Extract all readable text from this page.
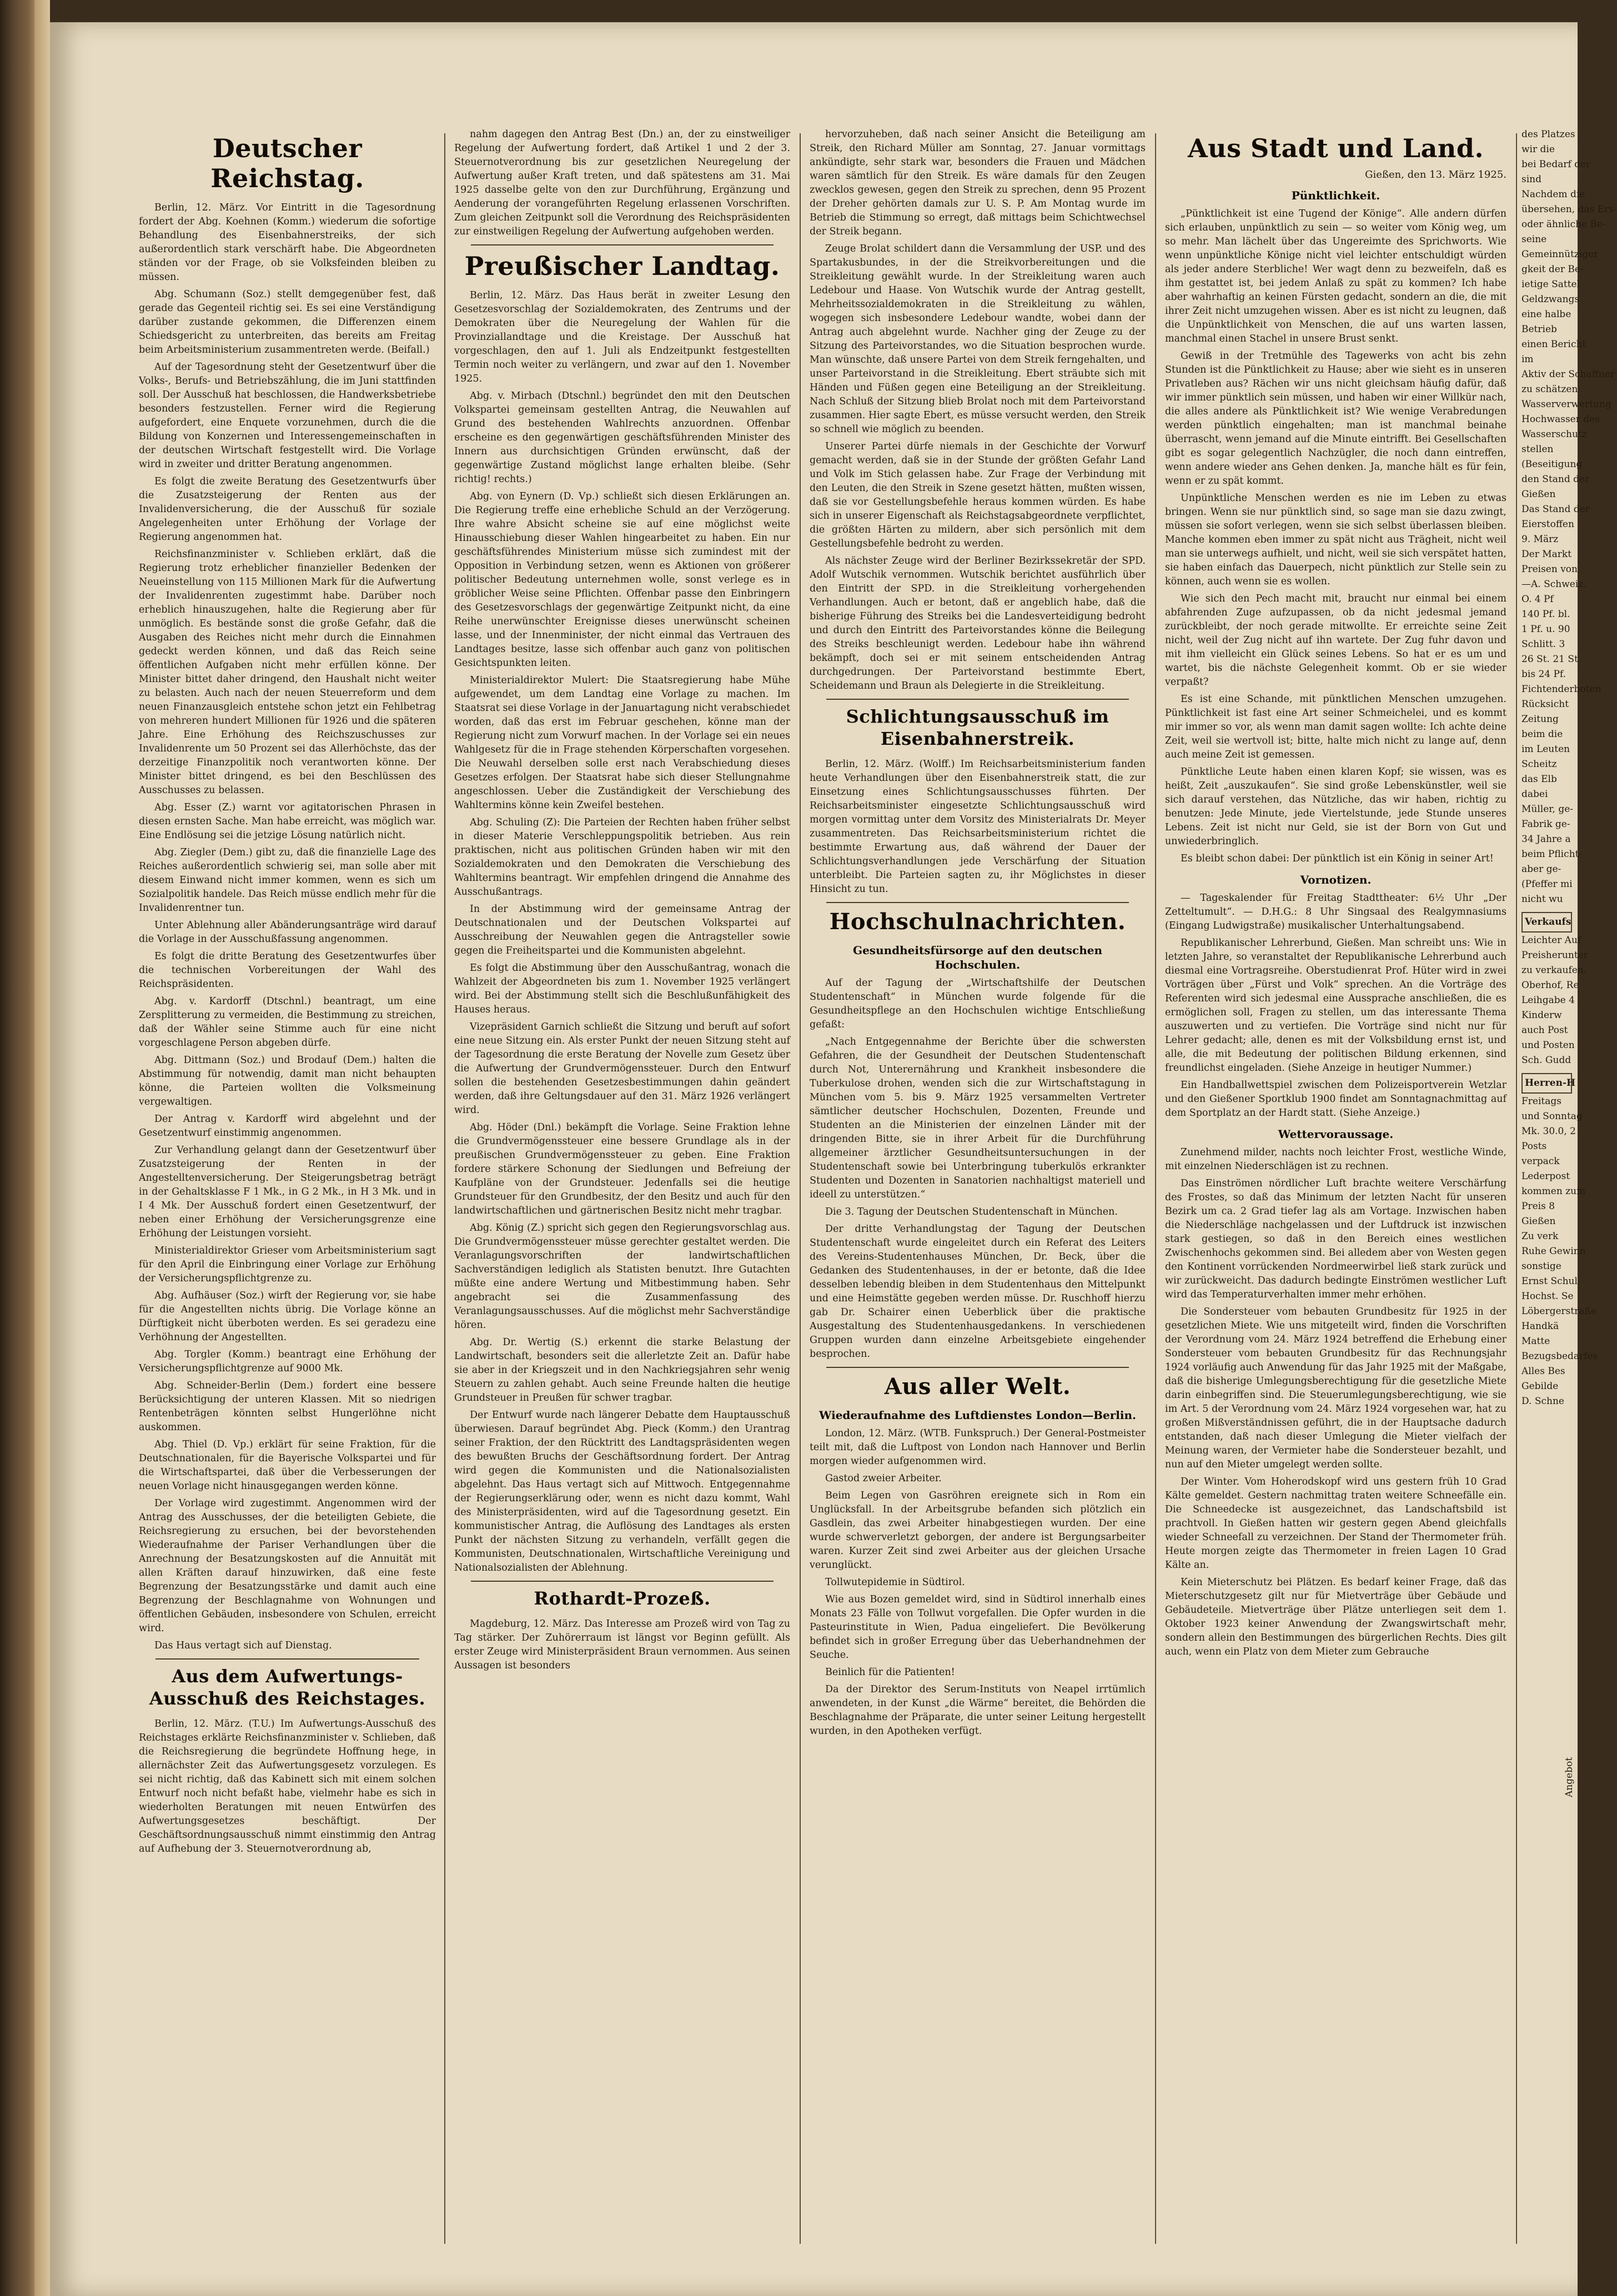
Deutscher Reichstag.

Berlin, 12. März. Vor Eintritt in die Tagesordnung fordert der Abg. Koehnen (Komm.) wiederum die sofortige Behandlung des Eisenbahnerstreiks, der sich außerordentlich stark verschärft habe. Die Abgeordneten ständen vor der Frage, ob sie Volksfeinden bleiben zu müssen.

Abg. Schumann (Soz.) stellt demgegenüber fest, daß gerade das Gegenteil richtig sei. Es sei eine Verständigung darüber zustande gekommen, die Differenzen einem Schiedsgericht zu unterbreiten, das bereits am Freitag beim Arbeitsministerium zusammentreten werde. (Beifall.)

Auf der Tagesordnung steht der Gesetzentwurf über die Volks-, Berufs- und Betriebszählung, die im Juni stattfinden soll. Der Ausschuß hat beschlossen, die Handwerksbetriebe besonders festzustellen. Ferner wird die Regierung aufgefordert, eine Enquete vorzunehmen, durch die die Bildung von Konzernen und Interessengemeinschaften in der deutschen Wirtschaft festgestellt wird. Die Vorlage wird in zweiter und dritter Beratung angenommen.

Es folgt die zweite Beratung des Gesetzentwurfs über die Zusatzsteigerung der Renten aus der Invalidenversicherung, die der Ausschuß für soziale Angelegenheiten unter Erhöhung der Vorlage der Regierung angenommen hat.

Reichsfinanzminister v. Schlieben erklärt, daß die Regierung trotz erheblicher finanzieller Bedenken der Neueinstellung von 115 Millionen Mark für die Aufwertung der Invalidenrenten zugestimmt habe. Darüber noch erheblich hinauszugehen, halte die Regierung aber für unmöglich. Es bestände sonst die große Gefahr, daß die Ausgaben des Reiches nicht mehr durch die Einnahmen gedeckt werden können, und daß das Reich seine öffentlichen Aufgaben nicht mehr erfüllen könne. Der Minister bittet daher dringend, den Haushalt nicht weiter zu belasten. Auch nach der neuen Steuerreform und dem neuen Finanzausgleich entstehe schon jetzt ein Fehlbetrag von mehreren hundert Millionen für 1926 und die späteren Jahre. Eine Erhöhung des Reichszuschusses zur Invalidenrente um 50 Prozent sei das Allerhöchste, das der derzeitige Finanzpolitik noch verantworten könne. Der Minister bittet dringend, es bei den Beschlüssen des Ausschusses zu belassen.

Abg. Esser (Z.) warnt vor agitatorischen Phrasen in diesen ernsten Sache. Man habe erreicht, was möglich war. Eine Endlösung sei die jetzige Lösung natürlich nicht.

Abg. Ziegler (Dem.) gibt zu, daß die finanzielle Lage des Reiches außerordentlich schwierig sei, man solle aber mit diesem Einwand nicht immer kommen, wenn es sich um Sozialpolitik handele. Das Reich müsse endlich mehr für die Invalidenrentner tun.

Unter Ablehnung aller Abänderungsanträge wird darauf die Vorlage in der Ausschußfassung angenommen.

Es folgt die dritte Beratung des Gesetzentwurfes über die technischen Vorbereitungen der Wahl des Reichspräsidenten.

Abg. v. Kardorff (Dtschnl.) beantragt, um eine Zersplitterung zu vermeiden, die Bestimmung zu streichen, daß der Wähler seine Stimme auch für eine nicht vorgeschlagene Person abgeben dürfe.

Abg. Dittmann (Soz.) und Brodauf (Dem.) halten die Abstimmung für notwendig, damit man nicht behaupten könne, die Parteien wollten die Volksmeinung vergewaltigen.

Der Antrag v. Kardorff wird abgelehnt und der Gesetzentwurf einstimmig angenommen.

Zur Verhandlung gelangt dann der Gesetzentwurf über Zusatzsteigerung der Renten in der Angestelltenversicherung. Der Steigerungsbetrag beträgt in der Gehaltsklasse F 1 Mk., in G 2 Mk., in H 3 Mk. und in I 4 Mk. Der Ausschuß fordert einen Gesetzentwurf, der neben einer Erhöhung der Versicherungsgrenze eine Erhöhung der Leistungen vorsieht.

Ministerialdirektor Grieser vom Arbeitsministerium sagt für den April die Einbringung einer Vorlage zur Erhöhung der Versicherungspflichtgrenze zu.

Abg. Aufhäuser (Soz.) wirft der Regierung vor, sie habe für die Angestellten nichts übrig. Die Vorlage könne an Dürftigkeit nicht überboten werden. Es sei geradezu eine Verhöhnung der Angestellten.

Abg. Torgler (Komm.) beantragt eine Erhöhung der Versicherungspflichtgrenze auf 9000 Mk.

Abg. Schneider-Berlin (Dem.) fordert eine bessere Berücksichtigung der unteren Klassen. Mit so niedrigen Rentenbeträgen könnten selbst Hungerlöhne nicht auskommen.

Abg. Thiel (D. Vp.) erklärt für seine Fraktion, für die Deutschnationalen, für die Bayerische Volkspartei und für die Wirtschaftspartei, daß über die Verbesserungen der neuen Vorlage nicht hinausgegangen werden könne.

Der Vorlage wird zugestimmt. Angenommen wird der Antrag des Ausschusses, der die beteiligten Gebiete, die Reichsregierung zu ersuchen, bei der bevorstehenden Wiederaufnahme der Pariser Verhandlungen über die Anrechnung der Besatzungskosten auf die Annuität mit allen Kräften darauf hinzuwirken, daß eine feste Begrenzung der Besatzungsstärke und damit auch eine Begrenzung der Beschlagnahme von Wohnungen und öffentlichen Gebäuden, insbesondere von Schulen, erreicht wird.

Das Haus vertagt sich auf Dienstag.

Aus dem Aufwertungs-Ausschuß des Reichstages.

Berlin, 12. März. (T.U.) Im Aufwertungs-Ausschuß des Reichstages erklärte Reichsfinanzminister v. Schlieben, daß die Reichsregierung die begründete Hoffnung hege, in allernächster Zeit das Aufwertungsgesetz vorzulegen. Es sei nicht richtig, daß das Kabinett sich mit einem solchen Entwurf noch nicht befaßt habe, vielmehr habe es sich in wiederholten Beratungen mit neuen Entwürfen des Aufwertungsgesetzes beschäftigt. Der Geschäftsordnungsausschuß nimmt einstimmig den Antrag auf Aufhebung der 3. Steuernotverordnung ab,

nahm dagegen den Antrag Best (Dn.) an, der zu einstweiliger Regelung der Aufwertung fordert, daß Artikel 1 und 2 der 3. Steuernotverordnung bis zur gesetzlichen Neuregelung der Aufwertung außer Kraft treten, und daß spätestens am 31. Mai 1925 dasselbe gelte von den zur Durchführung, Ergänzung und Aenderung der vorangeführten Regelung erlassenen Vorschriften. Zum gleichen Zeitpunkt soll die Verordnung des Reichspräsidenten zur einstweiligen Regelung der Aufwertung aufgehoben werden.

Preußischer Landtag.

Berlin, 12. März. Das Haus berät in zweiter Lesung den Gesetzesvorschlag der Sozialdemokraten, des Zentrums und der Demokraten über die Neuregelung der Wahlen für die Provinziallandtage und die Kreistage. Der Ausschuß hat vorgeschlagen, den auf 1. Juli als Endzeitpunkt festgestellten Termin noch weiter zu verlängern, und zwar auf den 1. November 1925.

Abg. v. Mirbach (Dtschnl.) begründet den mit den Deutschen Volkspartei gemeinsam gestellten Antrag, die Neuwahlen auf Grund des bestehenden Wahlrechts anzuordnen. Offenbar erscheine es den gegenwärtigen geschäftsführenden Minister des Innern aus durchsichtigen Gründen erwünscht, daß der gegenwärtige Zustand möglichst lange erhalten bleibe. (Sehr richtig! rechts.)

Abg. von Eynern (D. Vp.) schließt sich diesen Erklärungen an. Die Regierung treffe eine erhebliche Schuld an der Verzögerung. Ihre wahre Absicht scheine sie auf eine möglichst weite Hinausschiebung dieser Wahlen hingearbeitet zu haben. Ein nur geschäftsführendes Ministerium müsse sich zumindest mit der Opposition in Verbindung setzen, wenn es Aktionen von größerer politischer Bedeutung unternehmen wolle, sonst verlege es in gröblicher Weise seine Pflichten. Offenbar passe den Einbringern des Gesetzesvorschlags der gegenwärtige Zeitpunkt nicht, da eine Reihe unerwünschter Ereignisse dieses unerwünscht scheinen lasse, und der Innenminister, der nicht einmal das Vertrauen des Landtages besitze, lasse sich offenbar auch ganz von politischen Gesichtspunkten leiten.

Ministerialdirektor Mulert: Die Staatsregierung habe Mühe aufgewendet, um dem Landtag eine Vorlage zu machen. Im Staatsrat sei diese Vorlage in der Januartagung nicht verabschiedet worden, daß das erst im Februar geschehen, könne man der Regierung nicht zum Vorwurf machen. In der Vorlage sei ein neues Wahlgesetz für die in Frage stehenden Körperschaften vorgesehen. Die Neuwahl derselben solle erst nach Verabschiedung dieses Gesetzes erfolgen. Der Staatsrat habe sich dieser Stellungnahme angeschlossen. Ueber die Zuständigkeit der Verschiebung des Wahltermins könne kein Zweifel bestehen.

Abg. Schuling (Z): Die Parteien der Rechten haben früher selbst in dieser Materie Verschleppungspolitik betrieben. Aus rein praktischen, nicht aus politischen Gründen haben wir mit den Sozialdemokraten und den Demokraten die Verschiebung des Wahltermins beantragt. Wir empfehlen dringend die Annahme des Ausschußantrags.

In der Abstimmung wird der gemeinsame Antrag der Deutschnationalen und der Deutschen Volkspartei auf Ausschreibung der Neuwahlen gegen die Antragsteller sowie gegen die Freiheitspartei und die Kommunisten abgelehnt.

Es folgt die Abstimmung über den Ausschußantrag, wonach die Wahlzeit der Abgeordneten bis zum 1. November 1925 verlängert wird. Bei der Abstimmung stellt sich die Beschlußunfähigkeit des Hauses heraus.

Vizepräsident Garnich schließt die Sitzung und beruft auf sofort eine neue Sitzung ein. Als erster Punkt der neuen Sitzung steht auf der Tagesordnung die erste Beratung der Novelle zum Gesetz über die Aufwertung der Grundvermögenssteuer. Durch den Entwurf sollen die bestehenden Gesetzesbestimmungen dahin geändert werden, daß ihre Geltungsdauer auf den 31. März 1926 verlängert wird.

Abg. Höder (Dnl.) bekämpft die Vorlage. Seine Fraktion lehne die Grundvermögenssteuer eine bessere Grundlage als in der preußischen Grundvermögenssteuer zu geben. Eine Fraktion fordere stärkere Schonung der Siedlungen und Befreiung der Kaufpläne von der Grundsteuer. Jedenfalls sei die heutige Grundsteuer für den Grundbesitz, der den Besitz und auch für den landwirtschaftlichen und gärtnerischen Besitz nicht mehr tragbar.

Abg. König (Z.) spricht sich gegen den Regierungsvorschlag aus. Die Grundvermögenssteuer müsse gerechter gestaltet werden. Die Veranlagungsvorschriften der landwirtschaftlichen Sachverständigen lediglich als Statisten benutzt. Ihre Gutachten müßte eine andere Wertung und Mitbestimmung haben. Sehr angebracht sei die Zusammenfassung des Veranlagungsausschusses. Auf die möglichst mehr Sachverständige hören.

Abg. Dr. Wertig (S.) erkennt die starke Belastung der Landwirtschaft, besonders seit die allerletzte Zeit an. Dafür habe sie aber in der Kriegszeit und in den Nachkriegsjahren sehr wenig Steuern zu zahlen gehabt. Auch seine Freunde halten die heutige Grundsteuer in Preußen für schwer tragbar.

Der Entwurf wurde nach längerer Debatte dem Hauptausschuß überwiesen. Darauf begründet Abg. Pieck (Komm.) den Urantrag seiner Fraktion, der den Rücktritt des Landtagspräsidenten wegen des bewußten Bruchs der Geschäftsordnung fordert. Der Antrag wird gegen die Kommunisten und die Nationalsozialisten abgelehnt. Das Haus vertagt sich auf Mittwoch. Entgegennahme der Regierungserklärung oder, wenn es nicht dazu kommt, Wahl des Ministerpräsidenten, wird auf die Tagesordnung gesetzt. Ein kommunistischer Antrag, die Auflösung des Landtages als ersten Punkt der nächsten Sitzung zu verhandeln, verfällt gegen die Kommunisten, Deutschnationalen, Wirtschaftliche Vereinigung und Nationalsozialisten der Ablehnung.

Rothardt-Prozeß.

Magdeburg, 12. März. Das Interesse am Prozeß wird von Tag zu Tag stärker. Der Zuhörerraum ist längst vor Beginn gefüllt. Als erster Zeuge wird Ministerpräsident Braun vernommen. Aus seinen Aussagen ist besonders

hervorzuheben, daß nach seiner Ansicht die Beteiligung am Streik, den Richard Müller am Sonntag, 27. Januar vormittags ankündigte, sehr stark war, besonders die Frauen und Mädchen waren sämtlich für den Streik. Es wäre damals für den Zeugen zwecklos gewesen, gegen den Streik zu sprechen, denn 95 Prozent der Dreher gehörten damals zur U. S. P. Am Montag wurde im Betrieb die Stimmung so erregt, daß mittags beim Schichtwechsel der Streik begann.

Zeuge Brolat schildert dann die Versammlung der USP. und des Spartakusbundes, in der die Streikvorbereitungen und die Streikleitung gewählt wurde. In der Streikleitung waren auch Ledebour und Haase. Von Wutschik wurde der Antrag gestellt, Mehrheitssozialdemokraten in die Streikleitung zu wählen, wogegen sich insbesondere Ledebour wandte, wobei dann der Antrag auch abgelehnt wurde. Nachher ging der Zeuge zu der Sitzung des Parteivorstandes, wo die Situation besprochen wurde. Man wünschte, daß unsere Partei von dem Streik ferngehalten, und unser Parteivorstand in die Streikleitung. Ebert sträubte sich mit Händen und Füßen gegen eine Beteiligung an der Streikleitung. Nach Schluß der Sitzung blieb Brolat noch mit dem Parteivorstand zusammen. Hier sagte Ebert, es müsse versucht werden, den Streik so schnell wie möglich zu beenden.

Unserer Partei dürfe niemals in der Geschichte der Vorwurf gemacht werden, daß sie in der Stunde der größten Gefahr Land und Volk im Stich gelassen habe. Zur Frage der Verbindung mit den Leuten, die den Streik in Szene gesetzt hätten, mußten wissen, daß sie vor Gestellungsbefehle heraus kommen würden. Es habe sich in unserer Eigenschaft als Reichstagsabgeordnete verpflichtet, die größten Härten zu mildern, aber sich persönlich mit dem Gestellungsbefehle bedroht zu werden.

Als nächster Zeuge wird der Berliner Bezirkssekretär der SPD. Adolf Wutschik vernommen. Wutschik berichtet ausführlich über den Eintritt der SPD. in die Streikleitung vorhergehenden Verhandlungen. Auch er betont, daß er angeblich habe, daß die bisherige Führung des Streiks bei die Landesverteidigung bedroht und durch den Eintritt des Parteivorstandes könne die Beilegung des Streiks beschleunigt werden. Ledebour habe ihn während bekämpft, doch sei er mit seinem entscheidenden Antrag durchgedrungen. Der Parteivorstand bestimmte Ebert, Scheidemann und Braun als Delegierte in die Streikleitung.

Schlichtungsausschuß im Eisenbahnerstreik.

Berlin, 12. März. (Wolff.) Im Reichsarbeitsministerium fanden heute Verhandlungen über den Eisenbahnerstreik statt, die zur Einsetzung eines Schlichtungsausschusses führten. Der Reichsarbeitsminister eingesetzte Schlichtungsausschuß wird morgen vormittag unter dem Vorsitz des Ministerialrats Dr. Meyer zusammentreten. Das Reichsarbeitsministerium richtet die bestimmte Erwartung aus, daß während der Dauer der Schlichtungsverhandlungen jede Verschärfung der Situation unterbleibt. Die Parteien sagten zu, ihr Möglichstes in dieser Hinsicht zu tun.

Hochschulnachrichten.
Gesundheitsfürsorge auf den deutschen Hochschulen.

Auf der Tagung der „Wirtschaftshilfe der Deutschen Studentenschaft“ in München wurde folgende für die Gesundheitspflege an den Hochschulen wichtige Entschließung gefaßt:

„Nach Entgegennahme der Berichte über die schwersten Gefahren, die der Gesundheit der Deutschen Studentenschaft durch Not, Unterernährung und Krankheit insbesondere die Tuberkulose drohen, wenden sich die zur Wirtschaftstagung in München vom 5. bis 9. März 1925 versammelten Vertreter sämtlicher deutscher Hochschulen, Dozenten, Freunde und Studenten an die Ministerien der einzelnen Länder mit der dringenden Bitte, sie in ihrer Arbeit für die Durchführung allgemeiner ärztlicher Gesundheitsuntersuchungen in der Studentenschaft sowie bei Unterbringung tuberkulös erkrankter Studenten und Dozenten in Sanatorien nachhaltigst materiell und ideell zu unterstützen.“

Die 3. Tagung der Deutschen Studentenschaft in München.

Der dritte Verhandlungstag der Tagung der Deutschen Studentenschaft wurde eingeleitet durch ein Referat des Leiters des Vereins-Studentenhauses München, Dr. Beck, über die Gedanken des Studentenhauses, in der er betonte, daß die Idee desselben lebendig bleiben in dem Studentenhaus den Mittelpunkt und eine Heimstätte gegeben werden müsse. Dr. Ruschhoff hierzu gab Dr. Schairer einen Ueberblick über die praktische Ausgestaltung des Studentenhausgedankens. In verschiedenen Gruppen wurden dann einzelne Arbeitsgebiete eingehender besprochen.

Aus aller Welt.
Wiederaufnahme des Luftdienstes London—Berlin.

London, 12. März. (WTB. Funkspruch.) Der General-Postmeister teilt mit, daß die Luftpost von London nach Hannover und Berlin morgen wieder aufgenommen wird.

Gastod zweier Arbeiter.

Beim Legen von Gasröhren ereignete sich in Rom ein Unglücksfall. In der Arbeitsgrube befanden sich plötzlich ein Gasdlein, das zwei Arbeiter hinabgestiegen wurden. Der eine wurde schwerverletzt geborgen, der andere ist Bergungsarbeiter waren. Kurzer Zeit sind zwei Arbeiter aus der gleichen Ursache verunglückt.

Tollwutepidemie in Südtirol.

Wie aus Bozen gemeldet wird, sind in Südtirol innerhalb eines Monats 23 Fälle von Tollwut vorgefallen. Die Opfer wurden in die Pasteurinstitute in Wien, Padua eingeliefert. Die Bevölkerung befindet sich in großer Erregung über das Ueberhandnehmen der Seuche.

Beinlich für die Patienten!

Da der Direktor des Serum-Instituts von Neapel irrtümlich anwendeten, in der Kunst „die Wärme“ bereitet, die Behörden die Beschlagnahme der Präparate, die unter seiner Leitung hergestellt wurden, in den Apotheken verfügt.

Aus Stadt und Land.
Gießen, den 13. März 1925.
Pünktlichkeit.

„Pünktlichkeit ist eine Tugend der Könige“. Alle andern dürfen sich erlauben, unpünktlich zu sein — so weiter vom König weg, um so mehr. Man lächelt über das Ungereimte des Sprichworts. Wie wenn unpünktliche Könige nicht viel leichter entschuldigt würden als jeder andere Sterbliche! Wer wagt denn zu bezweifeln, daß es ihm gestattet ist, bei jedem Anlaß zu spät zu kommen? Ich habe aber wahrhaftig an keinen Fürsten gedacht, sondern an die, die mit ihrer Zeit nicht umzugehen wissen. Aber es ist nicht zu leugnen, daß die Unpünktlichkeit von Menschen, die auf uns warten lassen, manchmal einen Stachel in unsere Brust senkt.

Gewiß in der Tretmühle des Tagewerks von acht bis zehn Stunden ist die Pünktlichkeit zu Hause; aber wie sieht es in unseren Privatleben aus? Rächen wir uns nicht gleichsam häufig dafür, daß wir immer pünktlich sein müssen, und haben wir einer Willkür nach, die alles andere als Pünktlichkeit ist? Wie wenige Verabredungen werden pünktlich eingehalten; man ist manchmal beinahe überrascht, wenn jemand auf die Minute eintrifft. Bei Gesellschaften gibt es sogar gelegentlich Nachzügler, die noch dann eintreffen, wenn andere wieder ans Gehen denken. Ja, manche hält es für fein, wenn er zu spät kommt.

Unpünktliche Menschen werden es nie im Leben zu etwas bringen. Wenn sie nur pünktlich sind, so sage man sie dazu zwingt, müssen sie sofort verlegen, wenn sie sich selbst überlassen bleiben. Manche kommen eben immer zu spät nicht aus Trägheit, nicht weil man sie unterwegs aufhielt, und nicht, weil sie sich verspätet hatten, sie haben einfach das Dauerpech, nicht pünktlich zur Stelle sein zu können, auch wenn sie es wollen.

Wie sich den Pech macht mit, braucht nur einmal bei einem abfahrenden Zuge aufzupassen, ob da nicht jedesmal jemand zurückbleibt, der noch gerade mitwollte. Er erreichte seine Zeit nicht, weil der Zug nicht auf ihn wartete. Der Zug fuhr davon und mit ihm vielleicht ein Glück seines Lebens. So hat er es um und wartet, bis die nächste Gelegenheit kommt. Ob er sie wieder verpaßt?

Es ist eine Schande, mit pünktlichen Menschen umzugehen. Pünktlichkeit ist fast eine Art seiner Schmeichelei, und es kommt mir immer so vor, als wenn man damit sagen wollte: Ich achte deine Zeit, weil sie wertvoll ist; bitte, halte mich nicht zu lange auf, denn auch meine Zeit ist gemessen.

Pünktliche Leute haben einen klaren Kopf; sie wissen, was es heißt, Zeit „auszukaufen“. Sie sind große Lebenskünstler, weil sie sich darauf verstehen, das Nützliche, das wir haben, richtig zu benutzen: Jede Minute, jede Viertelstunde, jede Stunde unseres Lebens. Zeit ist nicht nur Geld, sie ist der Born von Gut und unwiederbringlich.

Es bleibt schon dabei: Der pünktlich ist ein König in seiner Art!

Vornotizen.

— Tageskalender für Freitag Stadttheater: 6½ Uhr „Der Zetteltumult“. — D.H.G.: 8 Uhr Singsaal des Realgymnasiums (Eingang Ludwigstraße) musikalischer Unterhaltungsabend.

Republikanischer Lehrerbund, Gießen. Man schreibt uns: Wie in letzten Jahre, so veranstaltet der Republikanische Lehrerbund auch diesmal eine Vortragsreihe. Oberstudienrat Prof. Hüter wird in zwei Vorträgen über „Fürst und Volk“ sprechen. An die Vorträge des Referenten wird sich jedesmal eine Aussprache anschließen, die es ermöglichen soll, Fragen zu stellen, um das interessante Thema auszuwerten und zu vertiefen. Die Vorträge sind nicht nur für Lehrer gedacht; alle, denen es mit der Volksbildung ernst ist, und alle, die mit Bedeutung der politischen Bildung erkennen, sind freundlichst eingeladen. (Siehe Anzeige in heutiger Nummer.)

Ein Handballwettspiel zwischen dem Polizeisportverein Wetzlar und den Gießener Sportklub 1900 findet am Sonntagnachmittag auf dem Sportplatz an der Hardt statt. (Siehe Anzeige.)

Wettervoraussage.

Zunehmend milder, nachts noch leichter Frost, westliche Winde, mit einzelnen Niederschlägen ist zu rechnen.

Das Einströmen nördlicher Luft brachte weitere Verschärfung des Frostes, so daß das Minimum der letzten Nacht für unseren Bezirk um ca. 2 Grad tiefer lag als am Vortage. Inzwischen haben die Niederschläge nachgelassen und der Luftdruck ist inzwischen stark gestiegen, so daß in den Bereich eines westlichen Zwischenhochs gekommen sind. Bei alledem aber von Westen gegen den Kontinent vorrückenden Nordmeerwirbel ließ stark zurück und wir zurückweicht. Das dadurch bedingte Einströmen westlicher Luft wird das Temperaturverhalten immer mehr erhöhen.

Die Sondersteuer vom bebauten Grundbesitz für 1925 in der gesetzlichen Miete. Wie uns mitgeteilt wird, finden die Vorschriften der Verordnung vom 24. März 1924 betreffend die Erhebung einer Sondersteuer vom bebauten Grundbesitz für das Rechnungsjahr 1924 vorläufig auch Anwendung für das Jahr 1925 mit der Maßgabe, daß die bisherige Umlegungsberechtigung für die gesetzliche Miete darin einbegriffen sind. Die Steuerumlegungsberechtigung, wie sie im Art. 5 der Verordnung vom 24. März 1924 vorgesehen war, hat zu großen Mißverständnissen geführt, die in der Hauptsache dadurch entstanden, daß nach dieser Umlegung die Mieter vielfach der Meinung waren, der Vermieter habe die Sondersteuer bezahlt, und nun auf den Mieter umgelegt werden sollte.

Der Winter. Vom Hoherodskopf wird uns gestern früh 10 Grad Kälte gemeldet. Gestern nachmittag traten weitere Schneefälle ein. Die Schneedecke ist ausgezeichnet, das Landschaftsbild ist prachtvoll. In Gießen hatten wir gestern gegen Abend gleichfalls wieder Schneefall zu verzeichnen. Der Stand der Thermometer früh. Heute morgen zeigte das Thermometer in freien Lagen 10 Grad Kälte an.

Kein Mieterschutz bei Plätzen. Es bedarf keiner Frage, daß das Mieterschutzgesetz gilt nur für Mietverträge über Gebäude und Gebäudeteile. Mietverträge über Plätze unterliegen seit dem 1. Oktober 1923 keiner Anwendung der Zwangswirtschaft mehr, sondern allein den Bestimmungen des bürgerlichen Rechts. Dies gilt auch, wenn ein Platz von dem Mieter zum Gebrauche

des Platzes
wir die
bei Bedarf der
sind
Nachdem die
übersehen, das Ers-
oder ähnliche Be-
seine
Gemeinnütziger
gkeit der Be-
ietige Sattel
Geldzwangs
eine halbe
Betrieb
einen Bericht
im
Aktiv der Schaffner
zu schätzen
Wasserverwertung
Hochwasser des
Wasserschutz
stellen
(Beseitigung
den Stand der
Gießen
Das Stand der
Eierstoffen
9. März
Der Markt
Preisen von
—A. Schweiz.
O. 4 Pf
140 Pf. bl.
1 Pf. u. 90
Schlitt. 3
26 St. 21 St.
bis 24 Pf.
Fichtenderboten
Rücksicht
Zeitung
beim die
im Leuten
Scheitz
das Elb
dabei
Müller, ge-
Fabrik ge-
34 Jahre a
beim Pflicht-
aber ge-
(Pfeffer mi
nicht wu
Verkaufs
Leichter Auf
Preisherunter
zu verkaufen.
Oberhof, Re
Leihgabe 4
Kinderw
auch Post
und Posten
Sch. Gudd
Herren-H
Freitags
und Sonntag
Mk. 30.0, 2
Posts
verpack
Lederpost
kommen zum
Preis 8
Gießen
Zu verk
Ruhe Gewinn
sonstige
Ernst Schul
Hochst. Se
Löbergerstraße
Handkä
Matte
Bezugsbedarfes
Alles Bes
Gebilde
D. Schne
Angebot
